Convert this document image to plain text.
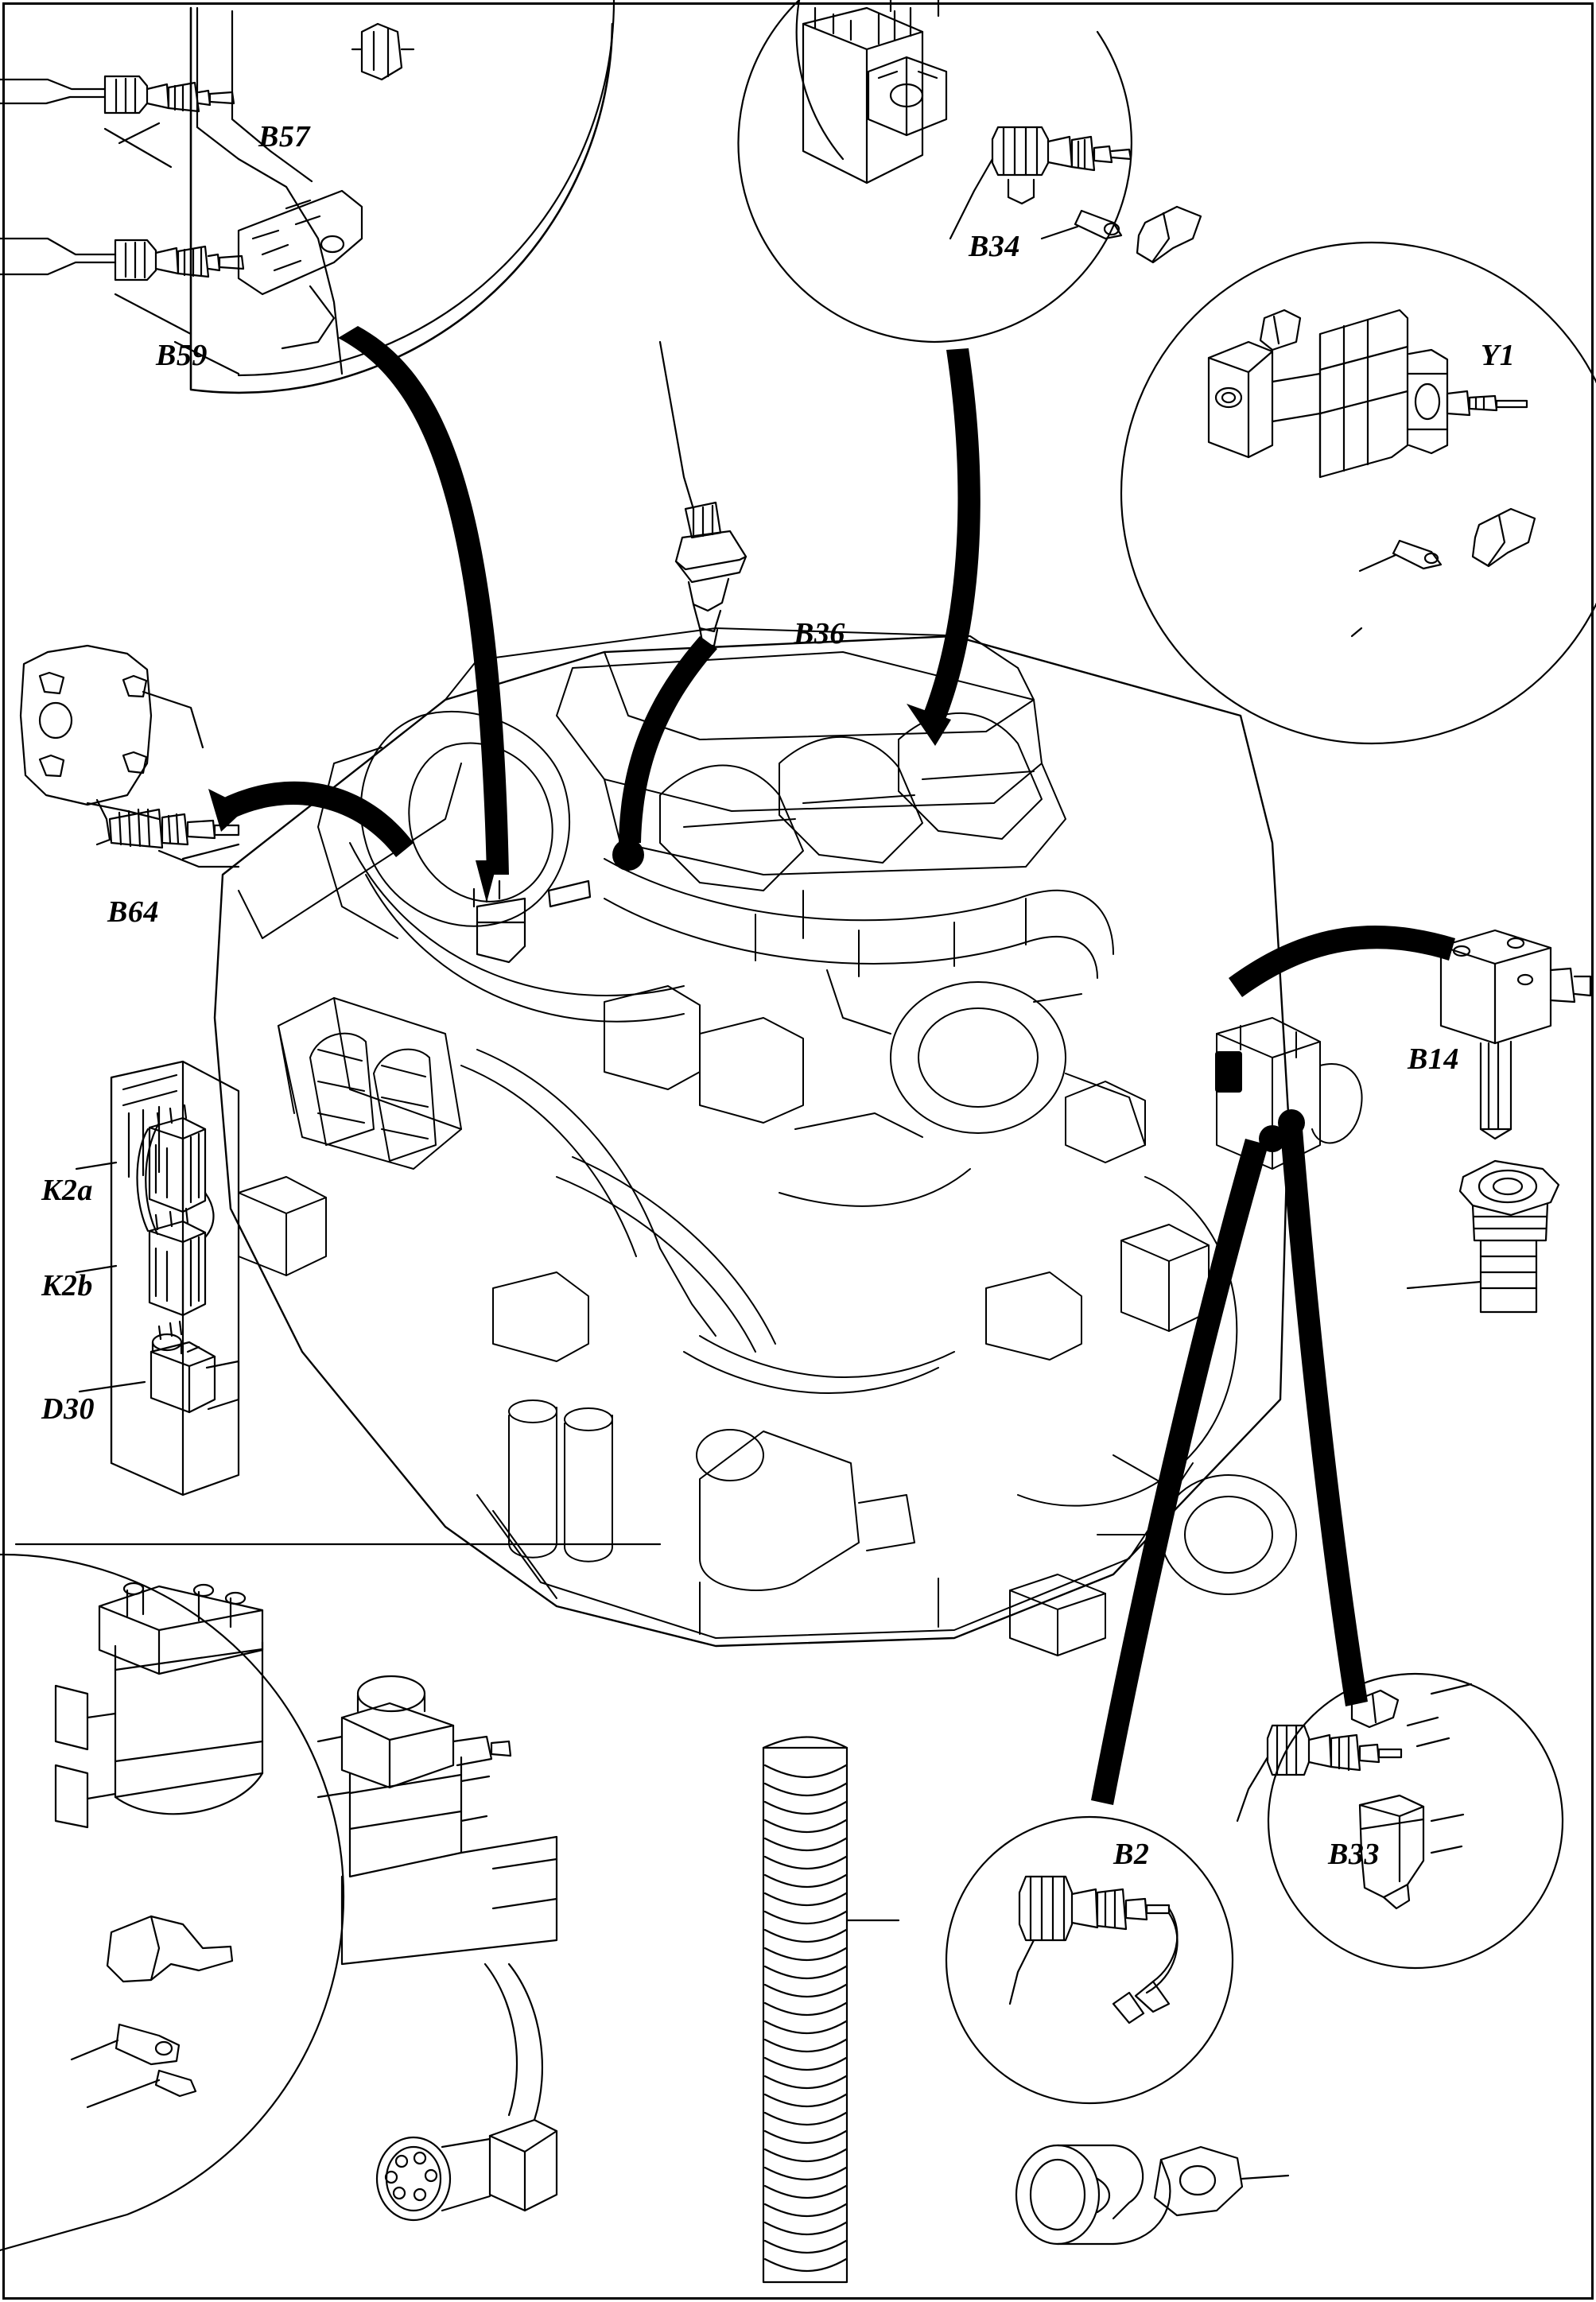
B57
B59
B34
Y1
B36
B64
B14
K2a
K2b
D30
B2	B33
